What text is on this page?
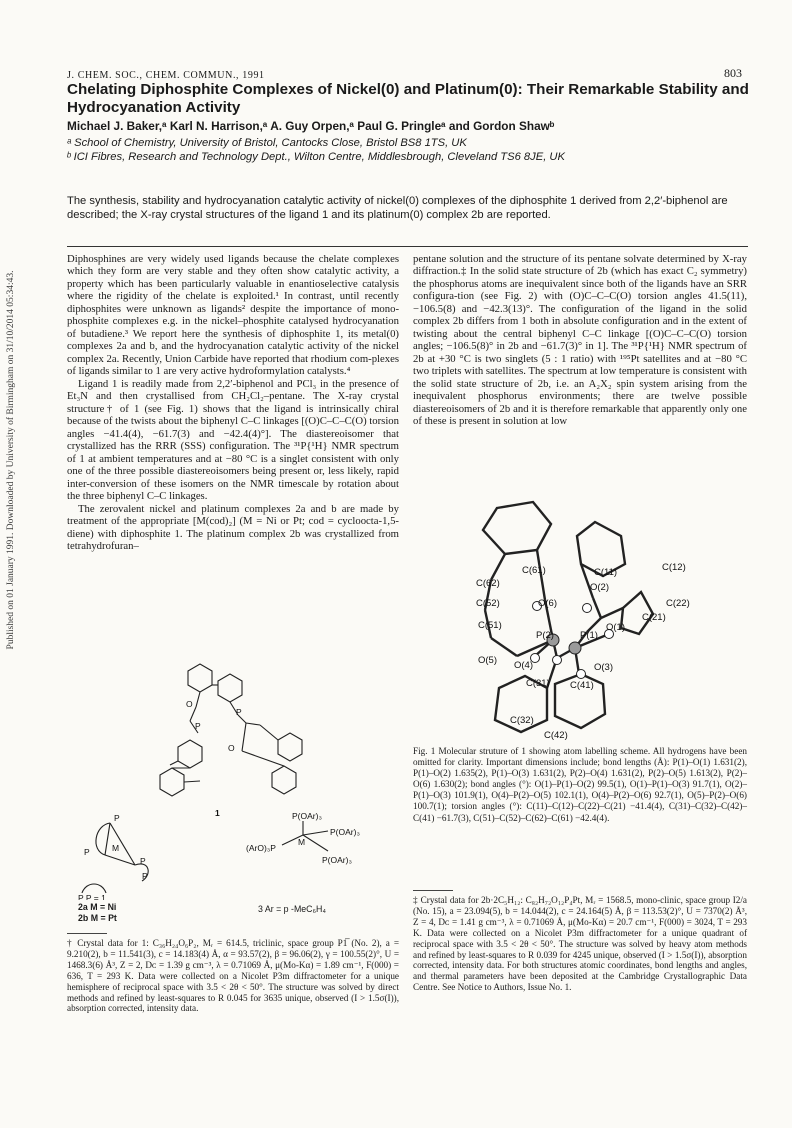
Published on 01 January 1991. Downloaded by University of Birmingham on 31/10/2014 05:34:43.
J. CHEM. SOC., CHEM. COMMUN., 1991	803
Chelating Diphosphite Complexes of Nickel(0) and Platinum(0): Their Remarkable Stability and Hydrocyanation Activity
Michael J. Baker,ᵃ Karl N. Harrison,ᵃ A. Guy Orpen,ᵃ Paul G. Pringleᵃ and Gordon Shawᵇ
ᵃ School of Chemistry, University of Bristol, Cantocks Close, Bristol BS8 1TS, UK
ᵇ ICI Fibres, Research and Technology Dept., Wilton Centre, Middlesbrough, Cleveland TS6 8JE, UK

The synthesis, stability and hydrocyanation catalytic activity of nickel(0) complexes of the diphosphite 1 derived from 2,2′-biphenol are described; the X-ray crystal structures of the ligand 1 and its platinum(0) complex 2b are reported.

Diphosphines are very widely used ligands because the chelate complexes which they form are very stable and they often show catalytic activity, a property which has been particularly valuable in enantioselective catalysis where the rigidity of the chelate is exploited.¹ In contrast, until recently diphosphites were unknown as ligands² despite the importance of mono-phosphite complexes e.g. in the nickel–phosphite catalysed hydrocyanation of butadiene.³ We report here the synthesis of diphosphite 1, its metal(0) complexes 2a and b, and the hydrocyanation catalytic activity of the nickel complex 2a. Recently, Union Carbide have reported that rhodium com-plexes of ligands similar to 1 are very active hydroformylation catalysts.⁴

Ligand 1 is readily made from 2,2′-biphenol and PCl₃ in the presence of Et₃N and then crystallised from CH₂Cl₂–pentane. The X-ray crystal structure† of 1 (see Fig. 1) shows that the ligand is intrinsically chiral because of the twists about the biphenyl C–C linkages [(O)C–C–C(O) torsion angles −41.4(4), −61.7(3) and −42.4(4)°]. The diastereoisomer that crystallized has the RRR (SSS) configuration. The ³¹P{¹H} NMR spectrum of 1 at ambient temperatures and at −80 °C is a singlet consistent with only one of the three possible diastereoisomers being present or, less likely, rapid inter-conversion of these isomers on the NMR timescale by rotation about the three biphenyl C–C linkages.

The zerovalent nickel and platinum complexes 2a and b are made by treatment of the appropriate [M(cod)₂] (M = Ni or Pt; cod = cycloocta-1,5-diene) with diphosphite 1. The platinum complex 2b was crystallized from tetrahydrofuran–

pentane solution and the structure of its pentane solvate determined by X-ray diffraction.‡ In the solid state structure of 2b (which has exact C₂ symmetry) the phosphorus atoms are inequivalent since both of the ligands have an SRR configura-tion (see Fig. 2) with (O)C–C–C(O) torsion angles 41.5(11), −106.5(8) and −42.3(13)°. The configuration of the ligand in the solid complex 2b differs from 1 both in absolute configuration and in the extent of twisting about the central biphenyl C–C linkage [(O)C–C–C(O) torsion angles; −106.5(8)° in 2b and −61.7(3)° in 1]. The ³¹P{¹H} NMR spectrum of 2b at +30 °C is two singlets (5 : 1 ratio) with ¹⁹⁵Pt satellites and at −80 °C two triplets with satellites. The spectrum at low temperature is consistent with the solid state structure of 2b, i.e. an A₂X₂ spin system arising from the inequivalent phosphorus environments; there are twelve possible diastereoisomers of 2b and it is therefore remarkable that apparently only one of these is present in solution at low

O
P
P
O
1
P
P	M
P
P
P P = 1
P(OAr)₃
(ArO)₃P
M
P(OAr)₃
P(OAr)₃
2a M = Ni
2b M = Pt
3 Ar = p -MeC₆H₄
C(61)	C(11)	C(12)
C(62)	O(2)
C(52)	O(6)	C(22)
C(21)
O(1)
C(51)
P(2)	P(1)
O(5) O(4)	O(3)
C(31) C(41)
C(32)
C(42)
Fig. 1 Molecular struture of 1 showing atom labelling scheme. All hydrogens have been omitted for clarity. Important dimensions include; bond lengths (Å): P(1)–O(1) 1.631(2), P(1)–O(2) 1.635(2), P(1)–O(3) 1.631(2), P(2)–O(4) 1.631(2), P(2)–O(5) 1.613(2), P(2)–O(6) 1.630(2); bond angles (°): O(1)–P(1)–O(2) 99.5(1), O(1)–P(1)–O(3) 91.7(1), O(2)–P(1)–O(3) 101.9(1), O(4)–P(2)–O(5) 102.1(1), O(4)–P(2)–O(6) 92.7(1), O(5)–P(2)–O(6) 100.7(1); torsion angles (°): C(11)–C(12)–C(22)–C(21) −41.4(4), C(31)–C(32)–C(42)–C(41) −61.7(3), C(51)–C(52)–C(62)–C(61) −42.4(4).
‡ Crystal data for 2b·2C₅H₁₂: C₈₂H₇₂O₁₂P₄Pt, Mᵣ = 1568.5, mono-clinic, space group I2/a (No. 15), a = 23.094(5), b = 14.044(2), c = 24.164(5) Å, β = 113.53(2)°, U = 7370(2) Å³, Z = 4, Dᴄ = 1.41 g cm⁻³, λ = 0.71069 Å, μ(Mo-Kα) = 20.7 cm⁻¹, F(000) = 3024, T = 293 K. Data were collected on a Nicolet P3m diffractometer for a unique quadrant of reciprocal space with 3.5 < 2θ < 50°. The structure was solved by heavy atom methods and refined by least-squares to R 0.039 for 4245 unique, observed (I > 1.5σ(I)), absorption corrected, intensity data. For both structures atomic coordinates, bond lengths and angles, and thermal parameters have been deposited at the Cambridge Crystallographic Data Centre. See Notice to Authors, Issue No. 1.
† Crystal data for 1: C₃₆H₂₄O₆P₂, Mᵣ = 614.5, triclinic, space group P1̅ (No. 2), a = 9.210(2), b = 11.541(3), c = 14.183(4) Å, α = 93.57(2), β = 96.06(2), γ = 100.55(2)°, U = 1468.3(6) Å³, Z = 2, Dᴄ = 1.39 g cm⁻³, λ = 0.71069 Å, μ(Mo-Kα) = 1.89 cm⁻¹, F(000) = 636, T = 293 K. Data were collected on a Nicolet P3m diffractometer for a unique hemisphere of reciprocal space with 3.5 < 2θ < 50°. The structure was solved by direct methods and refined by least-squares to R 0.045 for 3635 unique, observed (I > 1.5σ(I)), absorption corrected, intensity data.
